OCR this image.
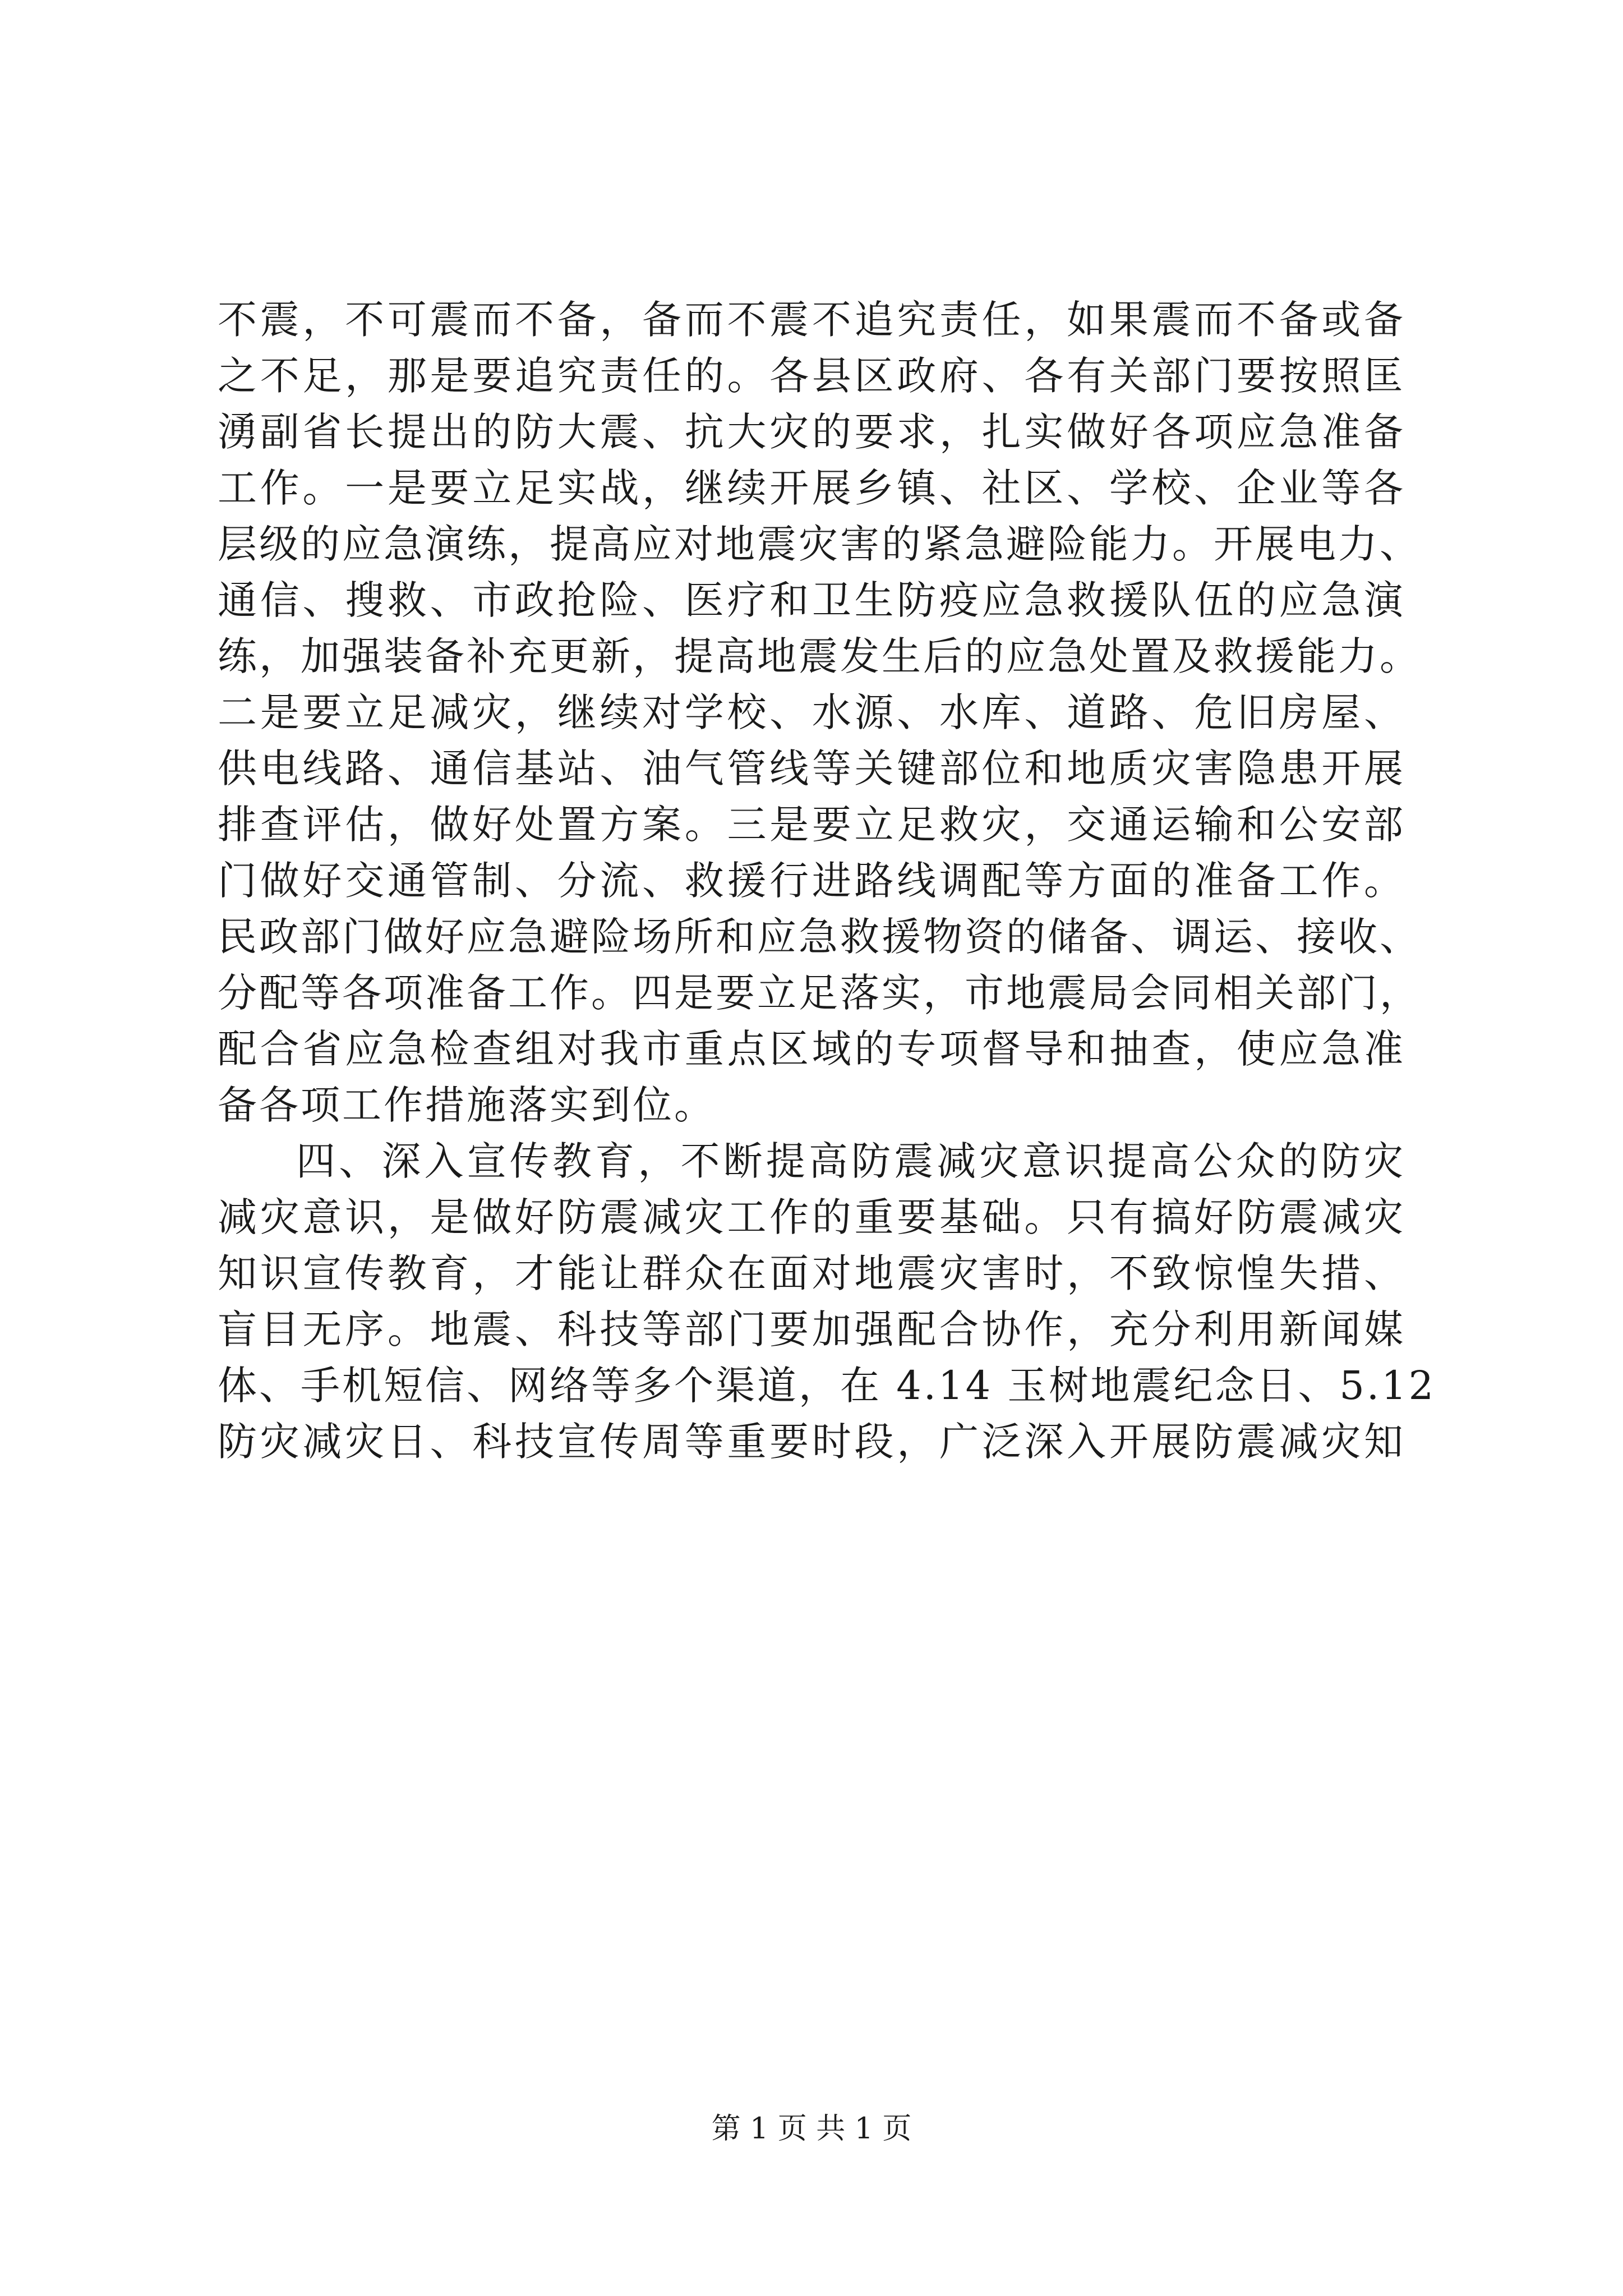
不震，不可震而不备，备而不震不追究责任，如果震而不备或备
之不足，那是要追究责任的。各县区政府、各有关部门要按照匡
湧副省长提出的防大震、抗大灾的要求，扎实做好各项应急准备
工作。一是要立足实战，继续开展乡镇、社区、学校、企业等各
层级的应急演练，提高应对地震灾害的紧急避险能力。开展电力、
通信、搜救、市政抢险、医疗和卫生防疫应急救援队伍的应急演
练，加强装备补充更新，提高地震发生后的应急处置及救援能力。
二是要立足减灾，继续对学校、水源、水库、道路、危旧房屋、
供电线路、通信基站、油气管线等关键部位和地质灾害隐患开展
排查评估，做好处置方案。三是要立足救灾，交通运输和公安部
门做好交通管制、分流、救援行进路线调配等方面的准备工作。
民政部门做好应急避险场所和应急救援物资的储备、调运、接收、
分配等各项准备工作。四是要立足落实，市地震局会同相关部门，
配合省应急检查组对我市重点区域的专项督导和抽查，使应急准
备各项工作措施落实到位。
四、深入宣传教育，不断提高防震减灾意识提高公众的防灾
减灾意识，是做好防震减灾工作的重要基础。只有搞好防震减灾
知识宣传教育，才能让群众在面对地震灾害时，不致惊惶失措、
盲目无序。地震、科技等部门要加强配合协作，充分利用新闻媒
体、手机短信、网络等多个渠道，在 4.14 玉树地震纪念日、5.12
防灾减灾日、科技宣传周等重要时段，广泛深入开展防震减灾知
第 1 页 共 1 页
